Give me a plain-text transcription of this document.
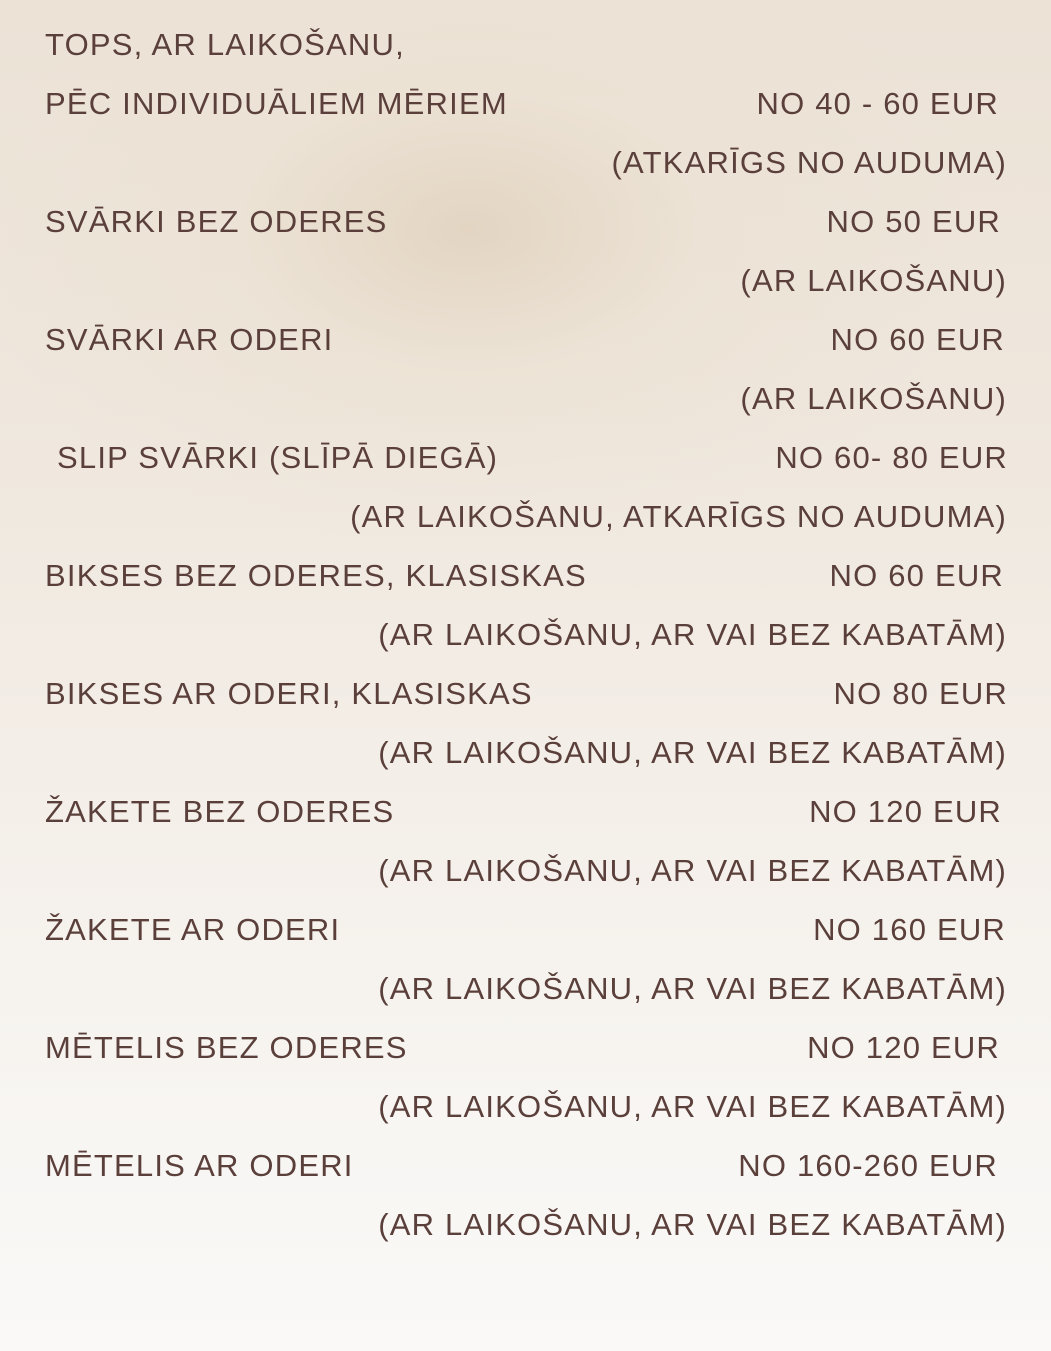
TOPS, AR LAIKOŠANU,
PĒC INDIVIDUĀLIEM MĒRIEM	NO 40 - 60 EUR
(ATKARĪGS NO AUDUMA)
SVĀRKI BEZ ODERES	NO 50 EUR
(AR LAIKOŠANU)
SVĀRKI AR ODERI	NO 60 EUR
(AR LAIKOŠANU)
SLIP SVĀRKI (SLĪPĀ DIEGĀ)	NO 60- 80 EUR
(AR LAIKOŠANU, ATKARĪGS NO AUDUMA)
BIKSES BEZ ODERES, KLASISKAS	NO 60 EUR
(AR LAIKOŠANU, AR VAI BEZ KABATĀM)
BIKSES AR ODERI, KLASISKAS	NO 80 EUR
(AR LAIKOŠANU, AR VAI BEZ KABATĀM)
ŽAKETE BEZ ODERES	NO 120 EUR
(AR LAIKOŠANU, AR VAI BEZ KABATĀM)
ŽAKETE AR ODERI	NO 160 EUR
(AR LAIKOŠANU, AR VAI BEZ KABATĀM)
MĒTELIS BEZ ODERES	NO 120 EUR
(AR LAIKOŠANU, AR VAI BEZ KABATĀM)
MĒTELIS AR ODERI	NO 160-260 EUR
(AR LAIKOŠANU, AR VAI BEZ KABATĀM)
